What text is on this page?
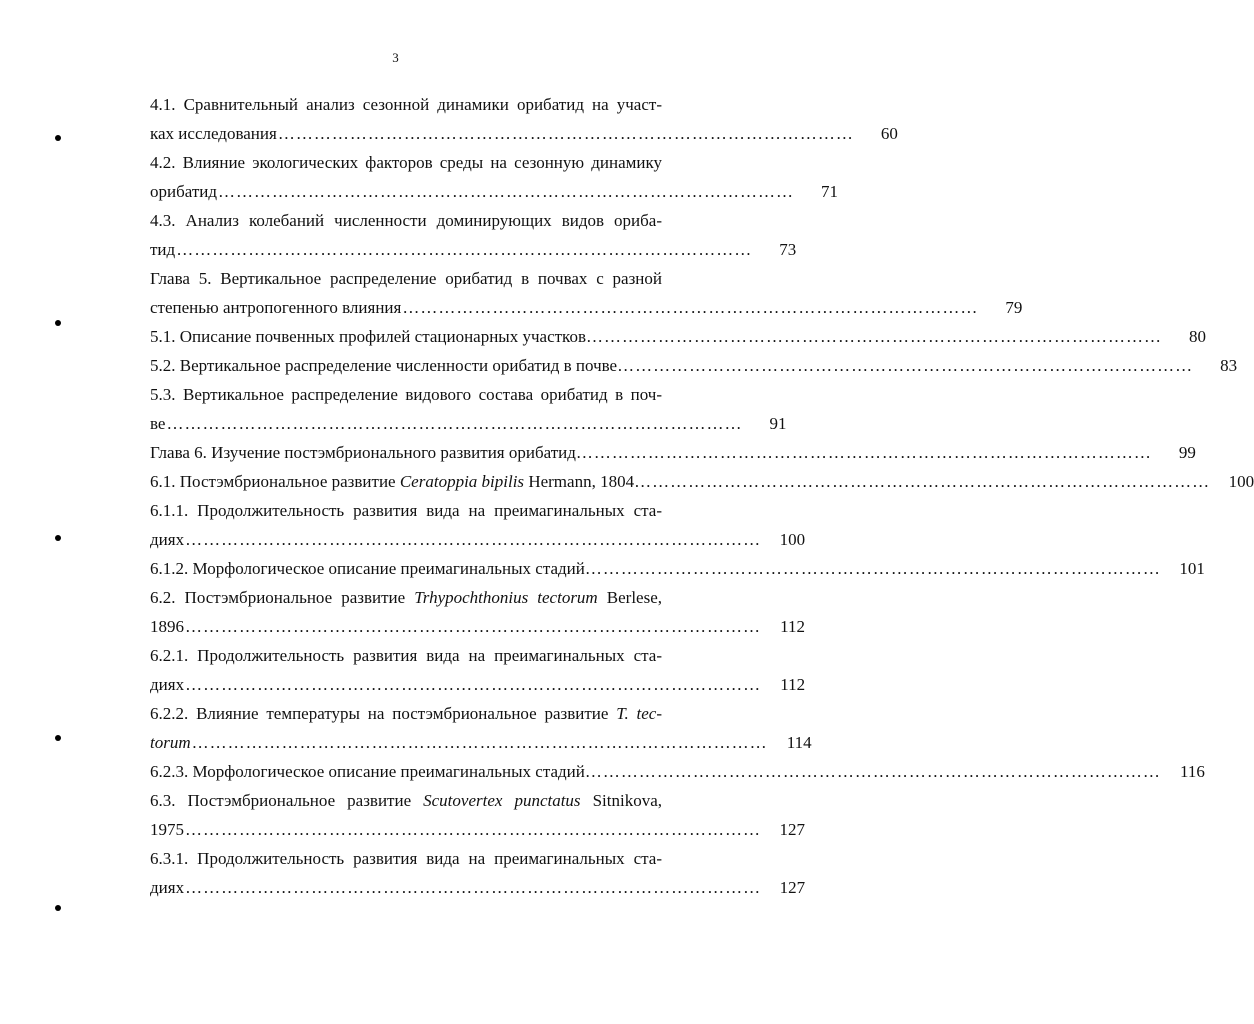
3
4.1. Сравнительный анализ сезонной динамики орибатид на участ-
ках исследования ……………………………………………………………………………………	60
4.2. Влияние экологических факторов среды на сезонную динамику
орибатид ……………………………………………………………………………………	71
4.3. Анализ колебаний численности доминирующих видов ориба-
тид ……………………………………………………………………………………	73
Глава 5. Вертикальное распределение орибатид в почвах с разной
степенью антропогенного влияния ……………………………………………………………………………………	79
5.1. Описание почвенных профилей стационарных участков ……………………………………………………………………………………	80
5.2. Вертикальное распределение численности орибатид в почве ……………………………………………………………………………………	83
5.3. Вертикальное распределение видового состава орибатид в поч-
ве ……………………………………………………………………………………	91
Глава 6. Изучение постэмбрионального развития орибатид ……………………………………………………………………………………	99
6.1. Постэмбриональное развитие Ceratoppia bipilis Hermann, 1804 ……………………………………………………………………………………	100
6.1.1. Продолжительность развития вида на преимагинальных ста-
диях ……………………………………………………………………………………	100
6.1.2. Морфологическое описание преимагинальных стадий ……………………………………………………………………………………	101
6.2. Постэмбриональное развитие Trhypochthonius tectorum Berlese,
1896 ……………………………………………………………………………………	112
6.2.1. Продолжительность развития вида на преимагинальных ста-
диях ……………………………………………………………………………………	112
6.2.2. Влияние температуры на постэмбриональное развитие T. tec-
torum ……………………………………………………………………………………	114
6.2.3. Морфологическое описание преимагинальных стадий ……………………………………………………………………………………	116
6.3. Постэмбриональное развитие Scutovertex punctatus Sitnikova,
1975 ……………………………………………………………………………………	127
6.3.1. Продолжительность развития вида на преимагинальных ста-
диях ……………………………………………………………………………………	127
